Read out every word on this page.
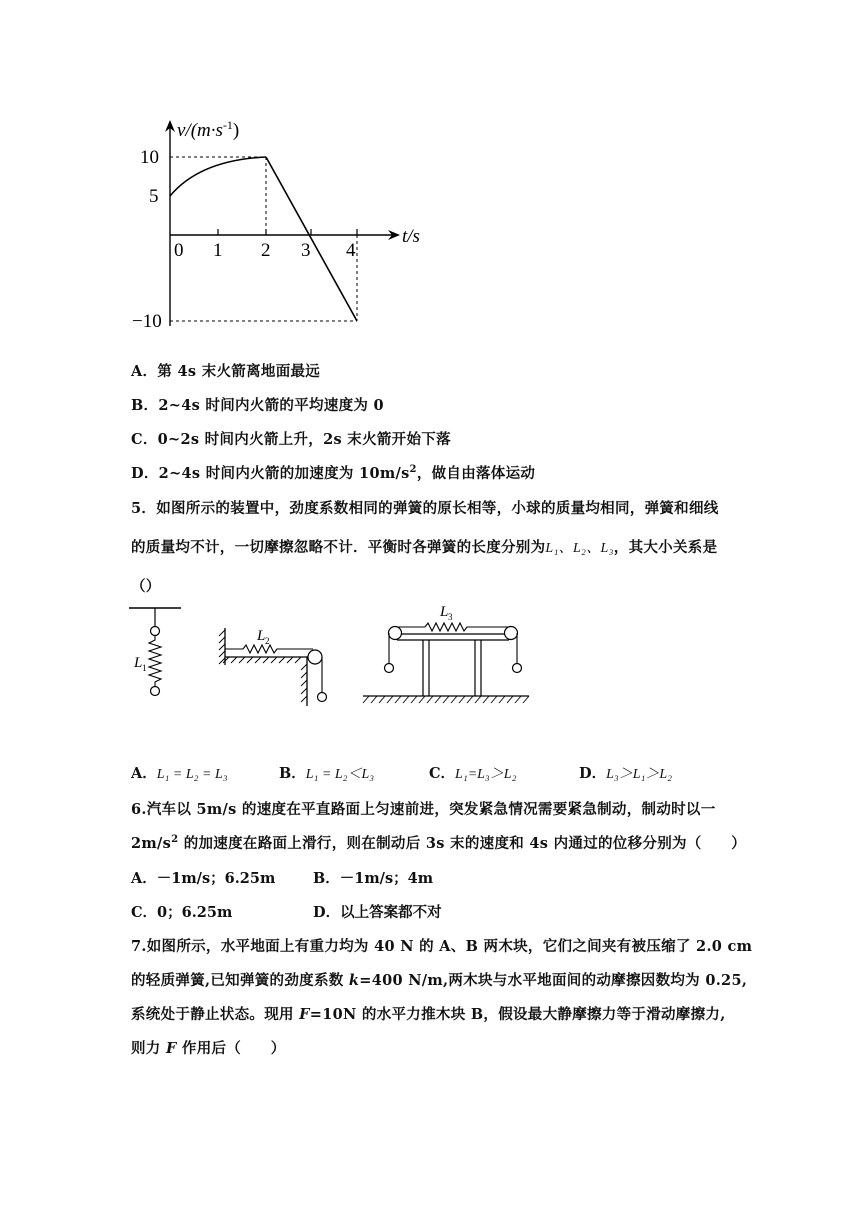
$v/(m\cdot s^{-1})$
t/s
10
5
−10
0 1 2 3 4
A．第 4s 末火箭离地面最远
B．2~4s 时间内火箭的平均速度为 0
C．0~2s 时间内火箭上升，2s 末火箭开始下落
D．2~4s 时间内火箭的加速度为 $10m/s^2$，做自由落体运动
5．如图所示的装置中，劲度系数相同的弹簧的原长相等，小球的质量均相同，弹簧和细线
的质量均不计，一切摩擦忽略不计．平衡时各弹簧的长度分别为L₁、L₂、L₃，其大小关系是
（）
L 1
L 2
L 3
A．L₁ = L₂ = L₃	B．L₁ = L₂＜L₃	C．L₁=L₃＞L₂	D．L₃＞L₁＞L₂
6.汽车以 5m/s 的速度在平直路面上匀速前进，突发紧急情况需要紧急制动，制动时以一
$2m/s^2$ 的加速度在路面上滑行，则在制动后 3s 末的速度和 4s 内通过的位移分别为（　　）
A．－1m/s；6.25m	B．－1m/s；4m
C．0；6.25m	D．以上答案都不对
7.如图所示，水平地面上有重力均为 40 N 的 A、B 两木块，它们之间夹有被压缩了 2.0 cm
的轻质弹簧,已知弹簧的劲度系数 k=400 N/m,两木块与水平地面间的动摩擦因数均为 0.25,
系统处于静止状态。现用 F=10N 的水平力推木块 B，假设最大静摩擦力等于滑动摩擦力,
则力 F 作用后（　　）
